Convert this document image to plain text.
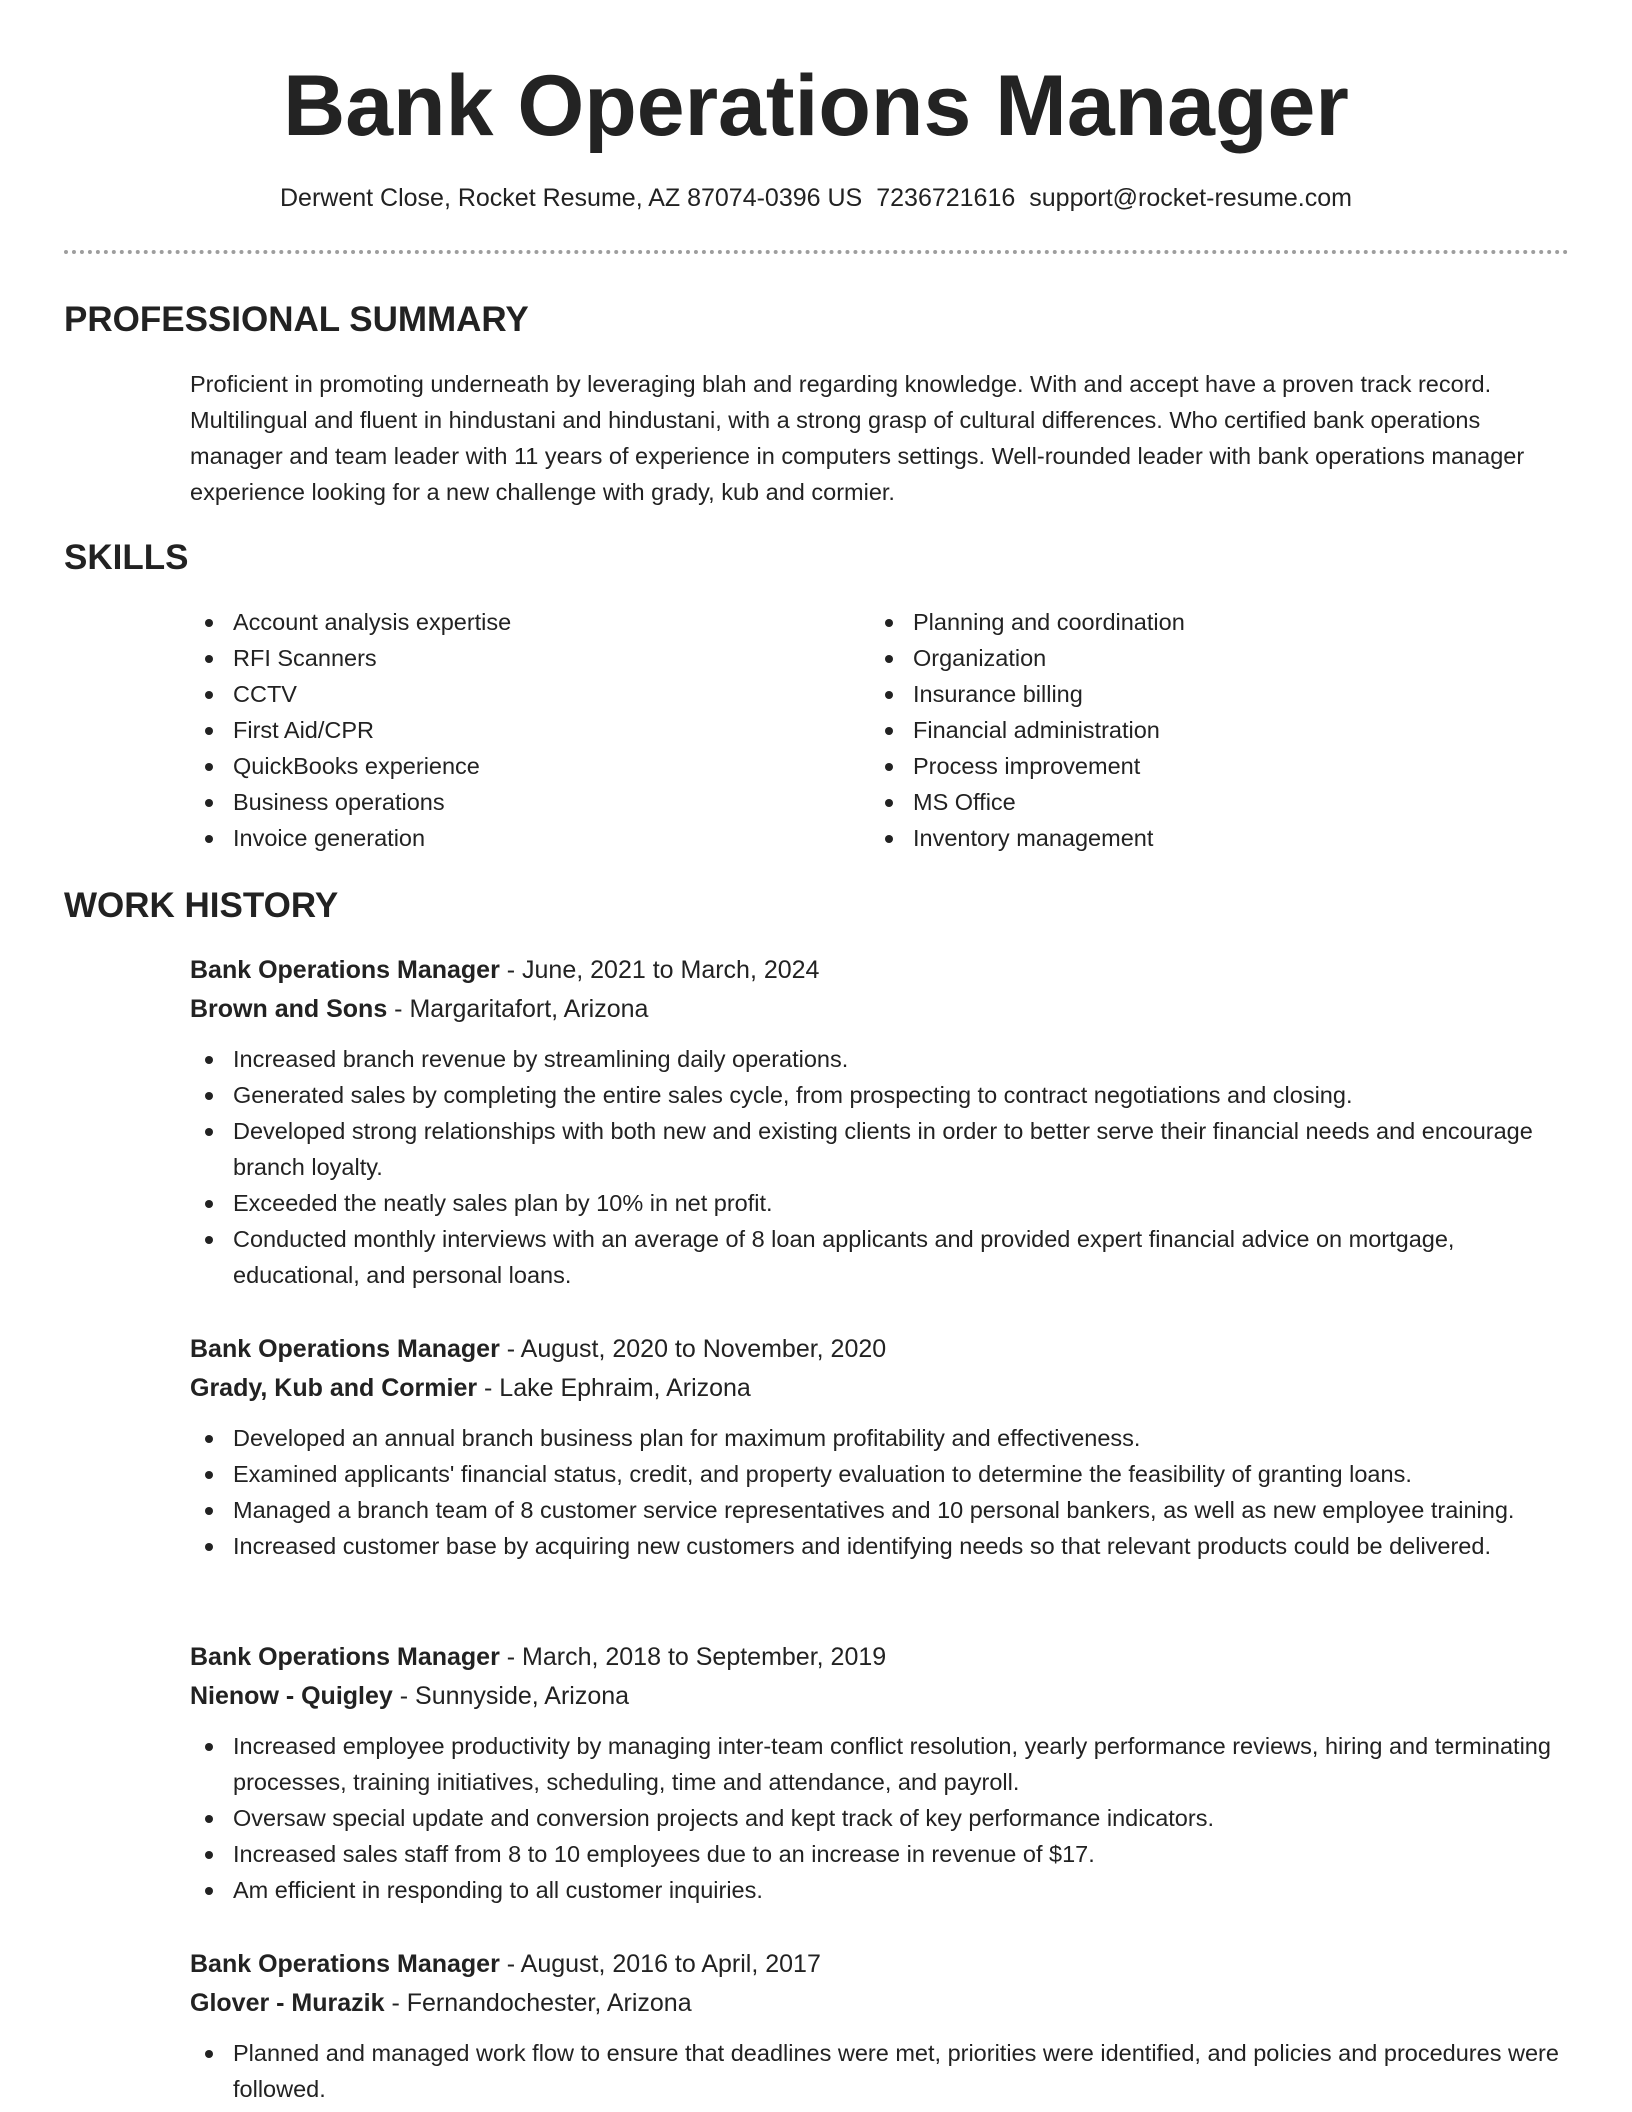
Bank Operations Manager
Derwent Close, Rocket Resume, AZ 87074-0396 US 7236721616 support@rocket-resume.com
PROFESSIONAL SUMMARY

Proficient in promoting underneath by leveraging blah and regarding knowledge. With and accept have a proven track record. Multilingual and fluent in hindustani and hindustani, with a strong grasp of cultural differences. Who certified bank operations manager and team leader with 11 years of experience in computers settings. Well-rounded leader with bank operations manager experience looking for a new challenge with grady, kub and cormier.

SKILLS
Account analysis expertise
RFI Scanners
CCTV
First Aid/CPR
QuickBooks experience
Business operations
Invoice generation
Planning and coordination
Organization
Insurance billing
Financial administration
Process improvement
MS Office
Inventory management
WORK HISTORY
Bank Operations Manager - June, 2021 to March, 2024
Brown and Sons - Margaritafort, Arizona
Increased branch revenue by streamlining daily operations.
Generated sales by completing the entire sales cycle, from prospecting to contract negotiations and closing.
Developed strong relationships with both new and existing clients in order to better serve their financial needs and encourage branch loyalty.
Exceeded the neatly sales plan by 10% in net profit.
Conducted monthly interviews with an average of 8 loan applicants and provided expert financial advice on mortgage, educational, and personal loans.
Bank Operations Manager - August, 2020 to November, 2020
Grady, Kub and Cormier - Lake Ephraim, Arizona
Developed an annual branch business plan for maximum profitability and effectiveness.
Examined applicants' financial status, credit, and property evaluation to determine the feasibility of granting loans.
Managed a branch team of 8 customer service representatives and 10 personal bankers, as well as new employee training.
Increased customer base by acquiring new customers and identifying needs so that relevant products could be delivered.
Bank Operations Manager - March, 2018 to September, 2019
Nienow - Quigley - Sunnyside, Arizona
Increased employee productivity by managing inter-team conflict resolution, yearly performance reviews, hiring and terminating processes, training initiatives, scheduling, time and attendance, and payroll.
Oversaw special update and conversion projects and kept track of key performance indicators.
Increased sales staff from 8 to 10 employees due to an increase in revenue of $17.
Am efficient in responding to all customer inquiries.
Bank Operations Manager - August, 2016 to April, 2017
Glover - Murazik - Fernandochester, Arizona
Planned and managed work flow to ensure that deadlines were met, priorities were identified, and policies and procedures were followed.
